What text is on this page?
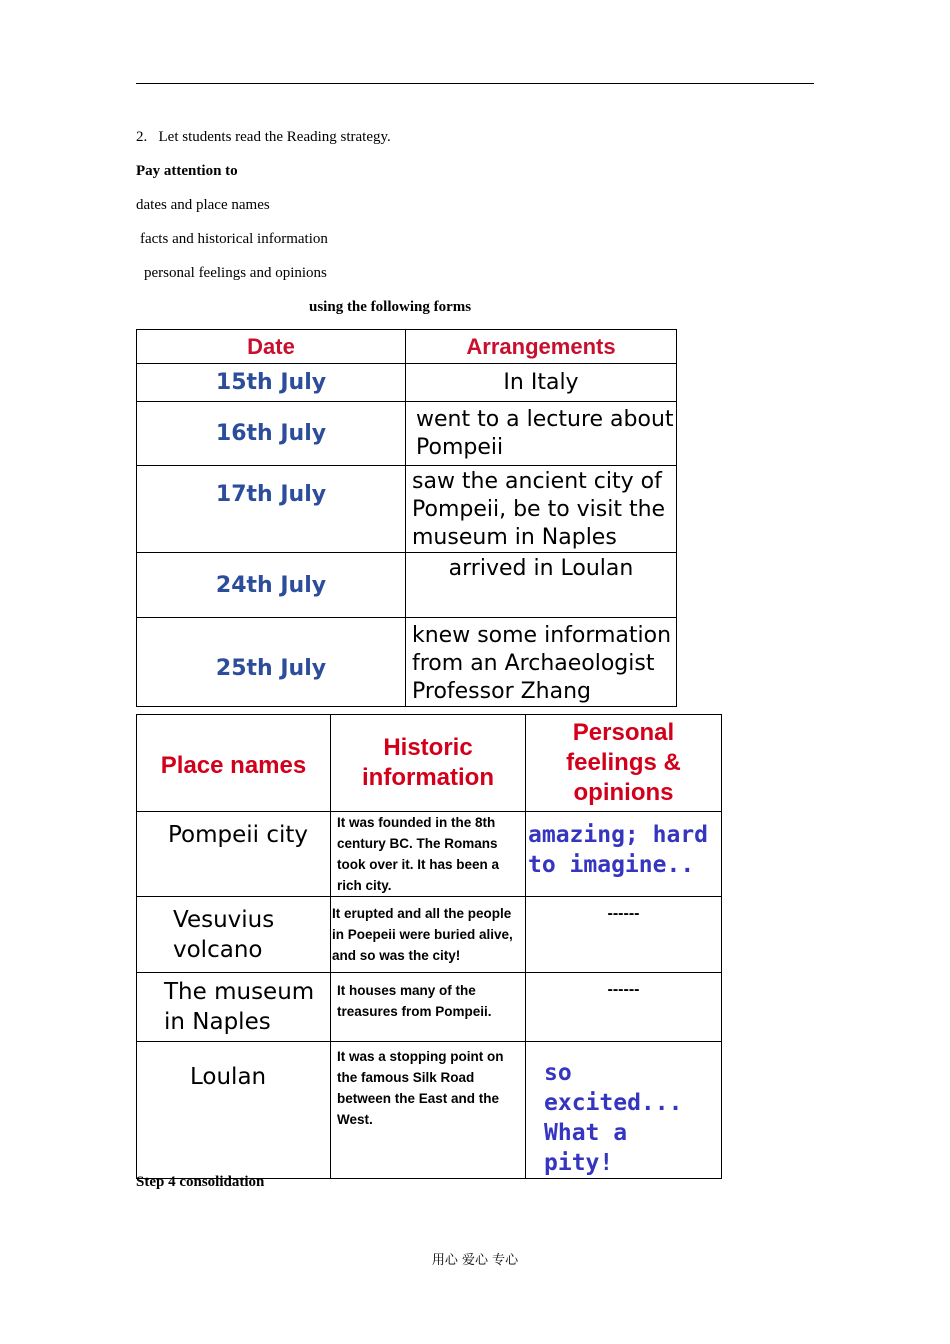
2.   Let students read the Reading strategy.
Pay attention to
dates and place names
facts and historical information
personal feelings and opinions
using the following forms
Date	Arrangements
15th July	In Italy
16th July	went to a lecture about Pompeii
17th July	saw the ancient city of Pompeii, be to visit the museum in Naples
24th July	arrived in Loulan
25th July	knew some information from an Archaeologist Professor Zhang
Place names	Historic information	Personal feelings & opinions
Pompeii city	It was founded in the 8th century BC. The Romans took over it. It has been a rich city.	amazing; hard to imagine..
Vesuvius volcano	It erupted and all the people in Poepeii were buried alive, and so was the city!	------
The museum in Naples	It houses many of the treasures from Pompeii.	------
Loulan	It was a stopping point on the famous Silk Road between the East and the West.	so excited... What a pity!
Step 4 consolidation
用心 爱心 专心
